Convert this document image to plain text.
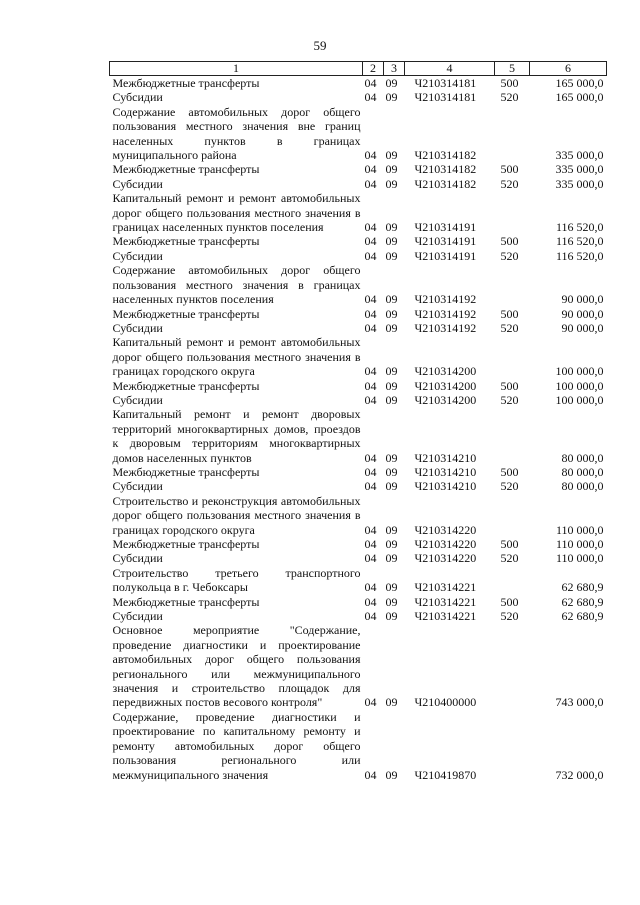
59
1	2	3	4	5	6
Межбюджетные трансферты	04	09	Ч210314181	500	165 000,0
Субсидии	04	09	Ч210314181	520	165 000,0
Содержание автомобильных дорог общего пользования местного значения вне границ населенных пунктов в границах муниципального района	04	09	Ч210314182		335 000,0
Межбюджетные трансферты	04	09	Ч210314182	500	335 000,0
Субсидии	04	09	Ч210314182	520	335 000,0
Капитальный ремонт и ремонт автомобильных дорог общего пользования местного значения в границах населенных пунктов поселения	04	09	Ч210314191		116 520,0
Межбюджетные трансферты	04	09	Ч210314191	500	116 520,0
Субсидии	04	09	Ч210314191	520	116 520,0
Содержание автомобильных дорог общего пользования местного значения в границах населенных пунктов поселения	04	09	Ч210314192		90 000,0
Межбюджетные трансферты	04	09	Ч210314192	500	90 000,0
Субсидии	04	09	Ч210314192	520	90 000,0
Капитальный ремонт и ремонт автомобильных дорог общего пользования местного значения в границах городского округа	04	09	Ч210314200		100 000,0
Межбюджетные трансферты	04	09	Ч210314200	500	100 000,0
Субсидии	04	09	Ч210314200	520	100 000,0
Капитальный ремонт и ремонт дворовых территорий многоквартирных домов, проездов к дворовым территориям многоквартирных домов населенных пунктов	04	09	Ч210314210		80 000,0
Межбюджетные трансферты	04	09	Ч210314210	500	80 000,0
Субсидии	04	09	Ч210314210	520	80 000,0
Строительство и реконструкция автомобильных дорог общего пользования местного значения в границах городского округа	04	09	Ч210314220		110 000,0
Межбюджетные трансферты	04	09	Ч210314220	500	110 000,0
Субсидии	04	09	Ч210314220	520	110 000,0
Строительство третьего транспортного полукольца в г. Чебоксары	04	09	Ч210314221		62 680,9
Межбюджетные трансферты	04	09	Ч210314221	500	62 680,9
Субсидии	04	09	Ч210314221	520	62 680,9
Основное мероприятие "Содержание, проведение диагностики и проектирование автомобильных дорог общего пользования регионального или межмуниципального значения и строительство площадок для передвижных постов весового контроля"	04	09	Ч210400000		743 000,0
Содержание, проведение диагностики и проектирование по капитальному ремонту и ремонту автомобильных дорог общего пользования регионального или межмуниципального значения	04	09	Ч210419870		732 000,0
